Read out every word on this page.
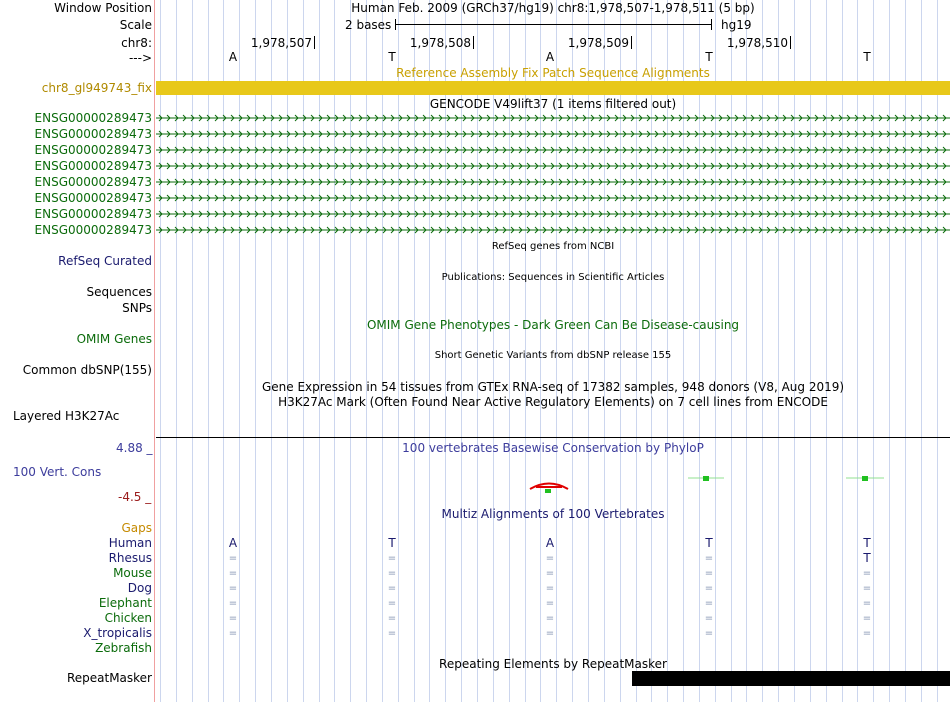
Window Position	Human Feb. 2009 (GRCh37/hg19) chr8:1,978,507-1,978,511 (5 bp)
Scale	2 bases	hg19
chr8:	1,978,507	1,978,508	1,978,509	1,978,510
--->	A	T	A	T	T
Reference Assembly Fix Patch Sequence Alignments
chr8_gl949743_fix
GENCODE V49lift37 (1 items filtered out)
ENSG00000289473
ENSG00000289473
ENSG00000289473
ENSG00000289473
ENSG00000289473
ENSG00000289473
ENSG00000289473
ENSG00000289473
RefSeq genes from NCBI
RefSeq Curated
Publications: Sequences in Scientific Articles
Sequences
SNPs
OMIM Gene Phenotypes - Dark Green Can Be Disease-causing
OMIM Genes
Short Genetic Variants from dbSNP release 155
Common dbSNP(155)
Gene Expression in 54 tissues from GTEx RNA-seq of 17382 samples, 948 donors (V8, Aug 2019)
H3K27Ac Mark (Often Found Near Active Regulatory Elements) on 7 cell lines from ENCODE
Layered H3K27Ac
100 vertebrates Basewise Conservation by PhyloP
4.88 _
100 Vert. Cons
-4.5 _
Multiz Alignments of 100 Vertebrates
Gaps
Human	A	T	A	T	T
Rhesus	=	=	=	=	T
Mouse	=	=	=	=	=
Dog	=	=	=	=	=
Elephant	=	=	=	=	=
Chicken	=	=	=	=	=
X_tropicalis	=	=	=	=	=
Zebrafish
Repeating Elements by RepeatMasker
RepeatMasker
